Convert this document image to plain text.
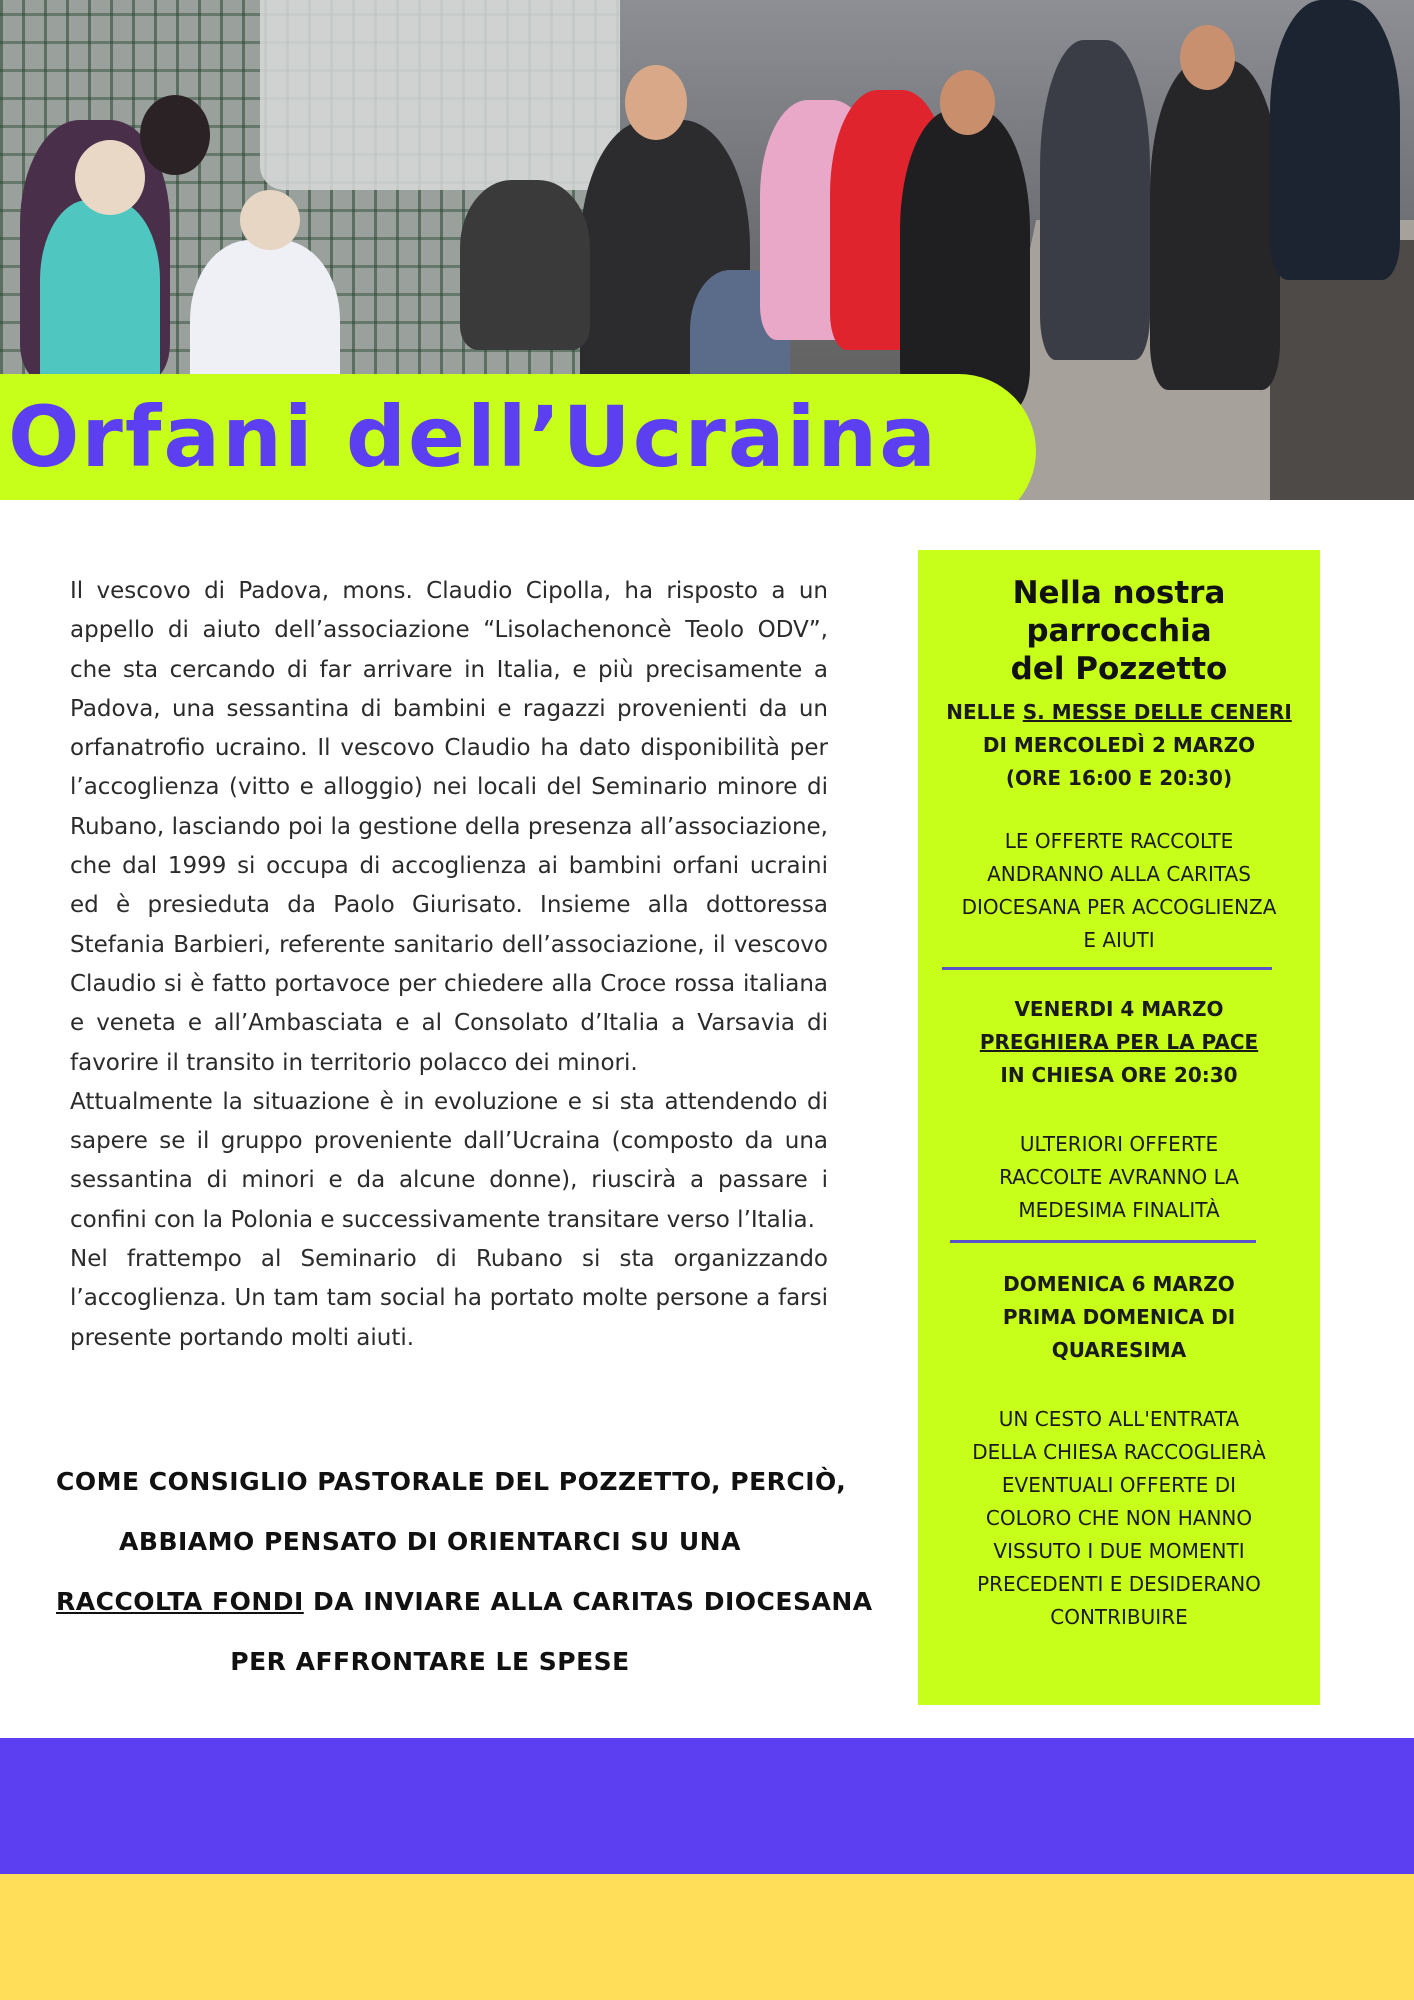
Orfani dell’Ucraina

Il vescovo di Padova, mons. Claudio Cipolla, ha risposto a un appello di aiuto dell’associazione “Lisolachenoncè Teolo ODV”, che sta cercando di far arrivare in Italia, e più precisamente a Padova, una sessantina di bambini e ragazzi provenienti da un orfanatrofio ucraino. Il vescovo Claudio ha dato disponibilità per l’accoglienza (vitto e alloggio) nei locali del Seminario minore di Rubano, lasciando poi la gestione della presenza all’associazione, che dal 1999 si occupa di accoglienza ai bambini orfani ucraini ed è presieduta da Paolo Giurisato. Insieme alla dottoressa Stefania Barbieri, referente sanitario dell’associazione, il vescovo Claudio si è fatto portavoce per chiedere alla Croce rossa italiana e veneta e all’Ambasciata e al Consolato d’Italia a Varsavia di favorire il transito in territorio polacco dei minori.

Attualmente la situazione è in evoluzione e si sta attendendo di sapere se il gruppo proveniente dall’Ucraina (composto da una sessantina di minori e da alcune donne), riuscirà a passare i confini con la Polonia e successivamente transitare verso l’Italia.

Nel frattempo al Seminario di Rubano si sta organizzando l’accoglienza. Un tam tam social ha portato molte persone a farsi presente portando molti aiuti.

COME CONSIGLIO PASTORALE DEL POZZETTO, PERCIÒ,
ABBIAMO PENSATO DI ORIENTARCI SU UNA
RACCOLTA FONDI DA INVIARE ALLA CARITAS DIOCESANA
PER AFFRONTARE LE SPESE
Nella nostra
parrocchia
del Pozzetto
NELLE S. MESSE DELLE CENERI
DI MERCOLEDÌ 2 MARZO
(ORE 16:00 E 20:30)
LE OFFERTE RACCOLTE
ANDRANNO ALLA CARITAS
DIOCESANA PER ACCOGLIENZA
E AIUTI
VENERDI 4 MARZO
PREGHIERA PER LA PACE
IN CHIESA ORE 20:30
ULTERIORI OFFERTE
RACCOLTE AVRANNO LA
MEDESIMA FINALITÀ
DOMENICA 6 MARZO
PRIMA DOMENICA DI
QUARESIMA
UN CESTO ALL'ENTRATA
DELLA CHIESA RACCOGLIERÀ
EVENTUALI OFFERTE DI
COLORO CHE NON HANNO
VISSUTO I DUE MOMENTI
PRECEDENTI E DESIDERANO
CONTRIBUIRE
